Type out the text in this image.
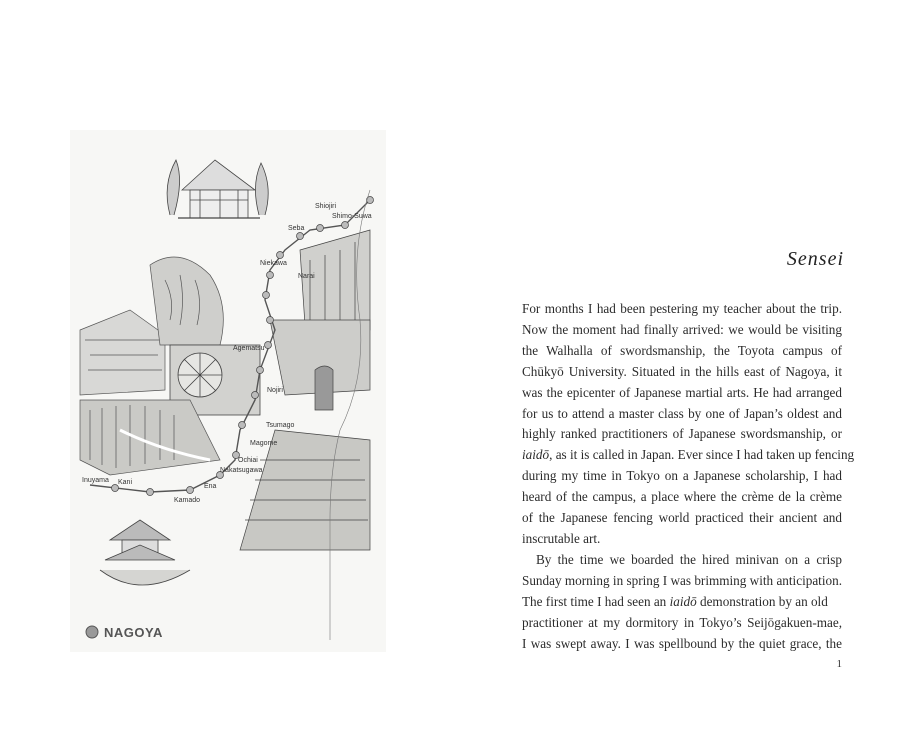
Shiojiri
Shimo-Suwa
Seba
Narai
Niekawa
Agematsu
Nojiri
Tsumago
Magome
Ochiai
Nakatsugawa
Inuyama Kani
Ena
Kamado
NAGOYA
Sensei

For months I had been pestering my teacher about the trip.
Now the moment had finally arrived: we would be visiting
the Walhalla of swordsmanship, the Toyota campus of
Chūkyō University. Situated in the hills east of Nagoya, it
was the epicenter of Japanese martial arts. He had arranged
for us to attend a master class by one of Japan’s oldest and
highly ranked practitioners of Japanese swordsmanship, or
iaidō, as it is called in Japan. Ever since I had taken up fencing
during my time in Tokyo on a Japanese scholarship, I had
heard of the campus, a place where the crème de la crème
of the Japanese fencing world practiced their ancient and
inscrutable art.

By the time we boarded the hired minivan on a crisp
Sunday morning in spring I was brimming with anticipation.
The first time I had seen an iaidō demonstration by an old
practitioner at my dormitory in Tokyo’s Seijōgakuen-mae,
I was swept away. I was spellbound by the quiet grace, the

1
